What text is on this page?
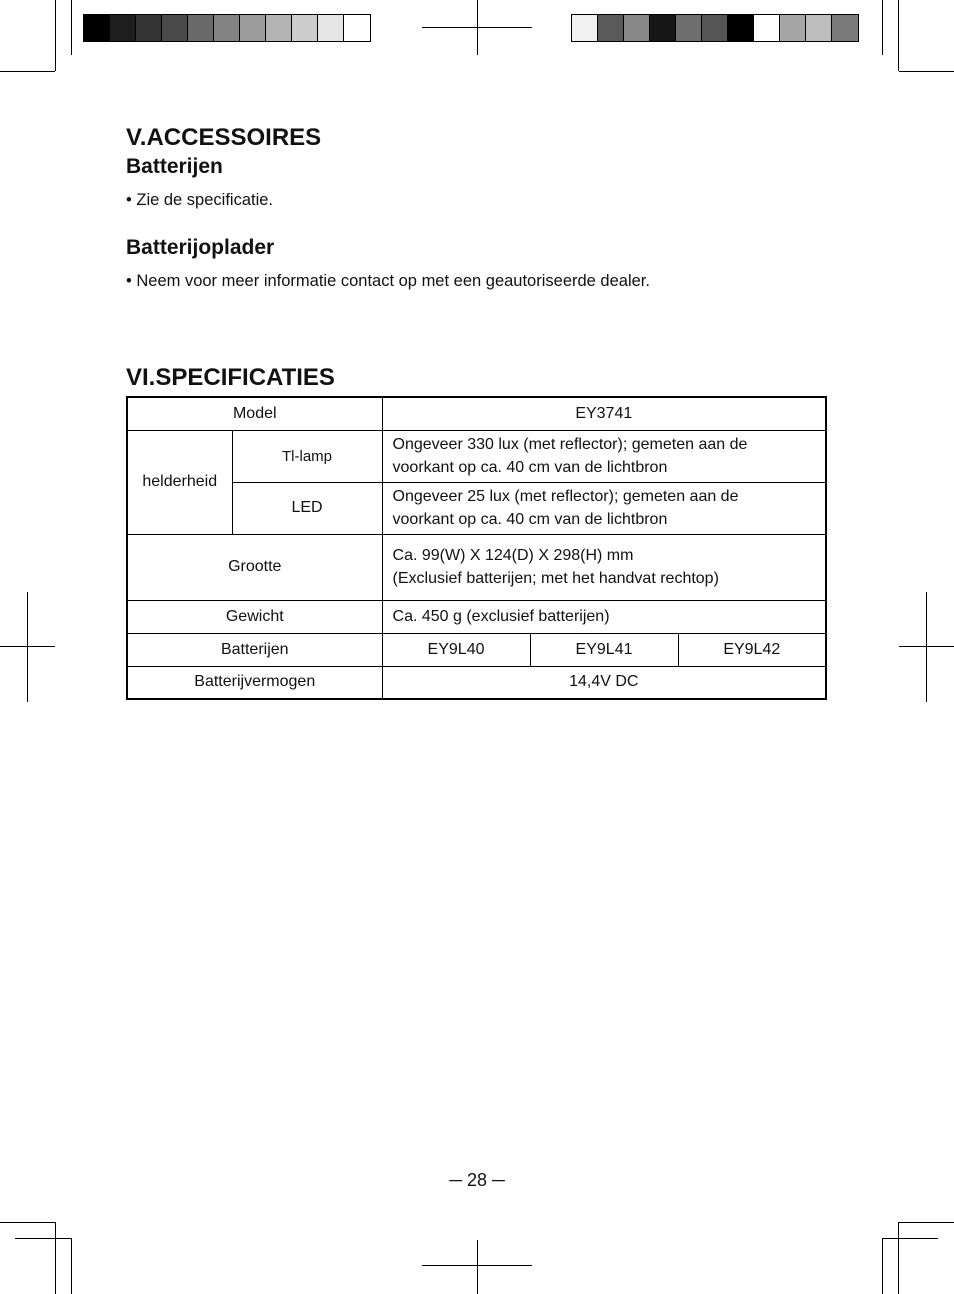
V.ACCESSOIRES
Batterijen

• Zie de specificatie.

Batterijoplader

• Neem voor meer informatie contact op met een geautoriseerde dealer.

VI.SPECIFICATIES
Model		EY3741		
helderheid	Tl-lamp	Ongeveer 330 lux (met reflector); gemeten aan de
voorkant op ca. 40 cm van de lichtbron		

	LED	Ongeveer 25 lux (met reflector); gemeten aan de
voorkant op ca. 40 cm van de lichtbron		

Grootte		Ca. 99(W) X 124(D) X 298(H) mm
(Exclusief batterijen; met het handvat rechtop)		

Gewicht		Ca. 450 g (exclusief batterijen)		
Batterijen		EY9L40	EY9L41	EY9L42
Batterijvermogen		14,4V DC		
─ 28 ─
